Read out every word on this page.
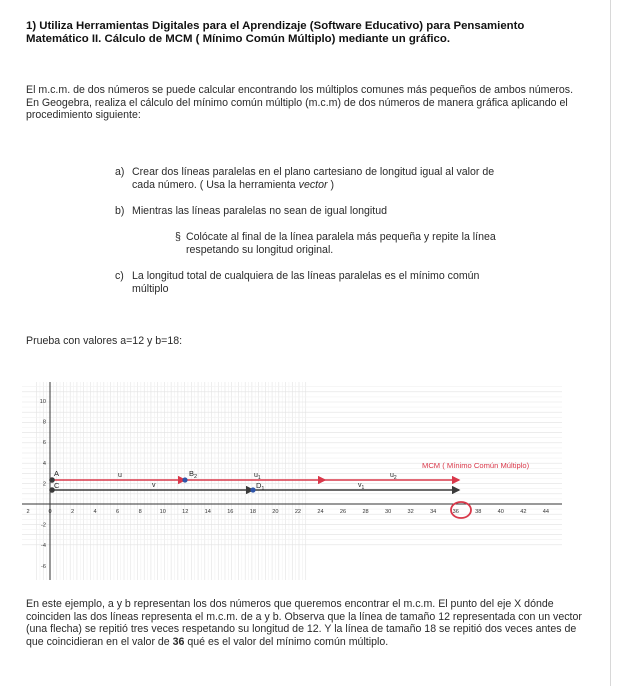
1) Utiliza Herramientas Digitales para el Aprendizaje (Software Educativo) para Pensamiento Matemático II. Cálculo de MCM ( Mínimo Común Múltiplo) mediante un gráfico.
El m.c.m. de dos números se puede calcular encontrando los múltiplos comunes más pequeños de ambos números. En Geogebra, realiza el cálculo del mínimo común múltiplo (m.c.m) de dos números de manera gráfica aplicando el procedimiento siguiente:
a) Crear dos líneas paralelas en el plano cartesiano de longitud igual al valor de
cada número. ( Usa la herramienta vector )
b) Mientras las líneas paralelas no sean de igual longitud
§ Colócate al final de la línea paralela más pequeña y repite la línea
respetando su longitud original.
c) La longitud total de cualquiera de las líneas paralelas es el mínimo común
múltiplo
Prueba con valores a=12 y b=18:
2	0	2	4	6	8	10	12	14	16	18	20	22	24	26	28	30	32	34	36	38	40	42	44
10
8
6
4
2
-2
-4
-6
A
C
$B_2$
$D_1$
u	$u_1$	$u_2$
v	$v_1$
MCM ( Mínimo Común Múltiplo)
En este ejemplo, a y b representan los dos números que queremos encontrar el m.c.m. El punto del eje X dónde coinciden las dos líneas representa el m.c.m. de a y b. Observa que la línea de tamaño 12 representada con un vector (una flecha) se repitió tres veces respetando su longitud de 12. Y la línea de tamaño 18 se repitió dos veces antes de que coincidieran en el valor de 36 qué es el valor del mínimo común múltiplo.
